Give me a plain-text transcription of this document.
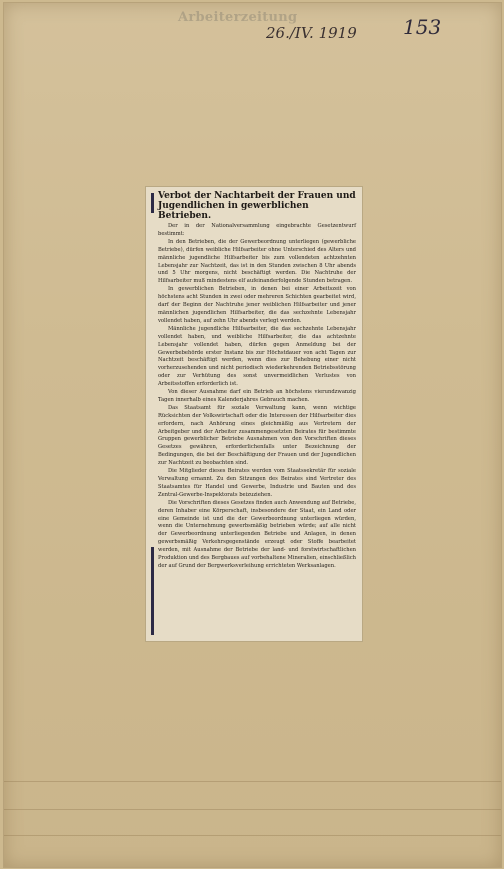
Arbeiterzeitung
26./IV. 1919 153
Verbot der Nachtarbeit der Frauen und Jugendlichen in gewerblichen Betrieben.

Der in der Nationalversammlung eingebrachte Gesetzentwurf bestimmt:

In den Betrieben, die der Gewerbeordnung unterliegen (gewerbliche Betriebe), dürfen weibliche Hilfsarbeiter ohne Unterschied des Alters und männliche jugendliche Hilfsarbeiter bis zum vollendeten achtzehnten Lebensjahr zur Nachtzeit, das ist in den Stunden zwischen 8 Uhr abends und 5 Uhr morgens, nicht beschäftigt werden. Die Nachtruhe der Hilfsarbeiter muß mindestens elf aufeinanderfolgende Stunden betragen.

In gewerblichen Betrieben, in denen bei einer Arbeitszeit von höchstens acht Stunden in zwei oder mehreren Schichten gearbeitet wird, darf der Beginn der Nachtruhe jener weiblichen Hilfsarbeiter und jener männlichen jugendlichen Hilfsarbeiter, die das sechzehnte Lebensjahr vollendet haben, auf zehn Uhr abends verlegt werden.

Männliche jugendliche Hilfsarbeiter, die das sechzehnte Lebensjahr vollendet haben, und weibliche Hilfsarbeiter, die das achtzehnte Lebensjahr vollendet haben, dürfen gegen Anmeldung bei der Gewerbebehörde erster Instanz bis zur Höchstdauer von acht Tagen zur Nachtzeit beschäftigt werden, wenn dies zur Behebung einer nicht vorherzusehenden und nicht periodisch wiederkehrenden Betriebsstörung oder zur Verhütung des sonst unvermeidlichen Verlustes von Arbeitsstoffen erforderlich ist.

Von dieser Ausnahme darf ein Betrieb an höchstens vierundzwanzig Tagen innerhalb eines Kalenderjahres Gebrauch machen.

Das Staatsamt für soziale Verwaltung kann, wenn wichtige Rücksichten der Volkswirtschaft oder die Interessen der Hilfsarbeiter dies erfordern, nach Anhörung eines gleichmäßig aus Vertretern der Arbeitgeber und der Arbeiter zusammengesetzten Beirates für bestimmte Gruppen gewerblicher Betriebe Ausnahmen von den Vorschriften dieses Gesetzes gewähren, erforderlichenfalls unter Bezeichnung der Bedingungen, die bei der Beschäftigung der Frauen und der Jugendlichen zur Nachtzeit zu beobachten sind.

Die Mitglieder dieses Beirates werden vom Staatssekretär für soziale Verwaltung ernannt. Zu den Sitzungen des Beirates sind Vertreter des Staatsamtes für Handel und Gewerbe, Industrie und Bauten und des Zentral-Gewerbe-Inspektorats beizuziehen.

Die Vorschriften dieses Gesetzes finden auch Anwendung auf Betriebe, deren Inhaber eine Körperschaft, insbesondere der Staat, ein Land oder eine Gemeinde ist und die der Gewerbeordnung unterliegen würden, wenn die Unternehmung gewerbsmäßig betrieben würde; auf alle nicht der Gewerbeordnung unterliegenden Betriebe und Anlagen, in denen gewerbsmäßig Verkehrsgegenstände erzeugt oder Stoffe bearbeitet werden, mit Ausnahme der Betriebe der land- und forstwirtschaftlichen Produktion und des Bergbaues auf vorbehaltene Mineralien, einschließlich der auf Grund der Bergwerksverleihung errichteten Werksanlagen.
